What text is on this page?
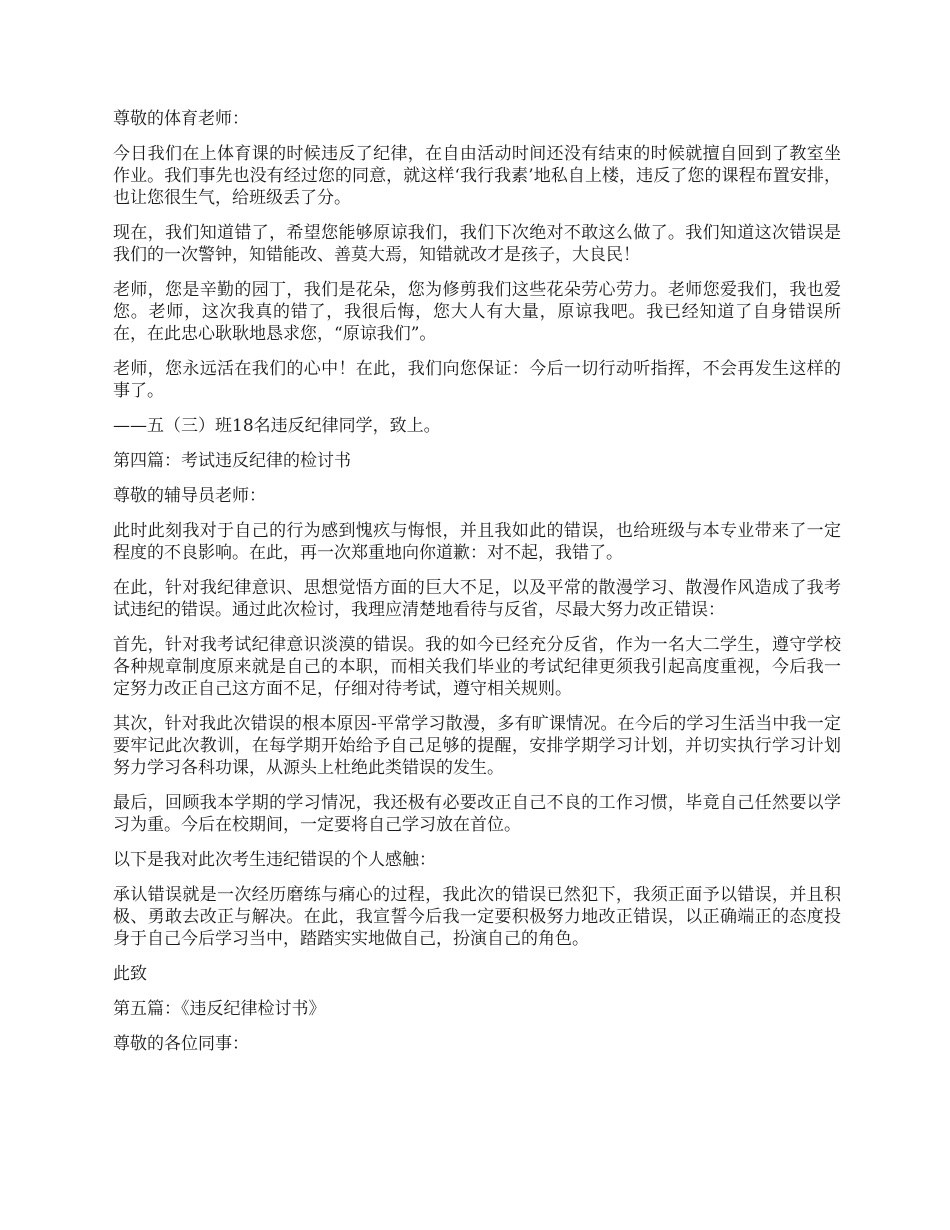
尊敬的体育老师：

今日我们在上体育课的时候违反了纪律，在自由活动时间还没有结束的时候就擅自回到了教室坐作业。我们事先也没有经过您的同意，就这样‘我行我素’地私自上楼，违反了您的课程布置安排，也让您很生气，给班级丢了分。

现在，我们知道错了，希望您能够原谅我们，我们下次绝对不敢这么做了。我们知道这次错误是我们的一次警钟，知错能改、善莫大焉，知错就改才是孩子，大良民！

老师，您是辛勤的园丁，我们是花朵，您为修剪我们这些花朵劳心劳力。老师您爱我们，我也爱您。老师，这次我真的错了，我很后悔，您大人有大量，原谅我吧。我已经知道了自身错误所在，在此忠心耿耿地恳求您，“原谅我们”。

老师，您永远活在我们的心中！在此，我们向您保证：今后一切行动听指挥，不会再发生这样的事了。

——五（三）班18名违反纪律同学，致上。

第四篇：考试违反纪律的检讨书

尊敬的辅导员老师：

此时此刻我对于自己的行为感到愧疚与悔恨，并且我如此的错误，也给班级与本专业带来了一定程度的不良影响。在此，再一次郑重地向你道歉：对不起，我错了。

在此，针对我纪律意识、思想觉悟方面的巨大不足，以及平常的散漫学习、散漫作风造成了我考试违纪的错误。通过此次检讨，我理应清楚地看待与反省，尽最大努力改正错误：

首先，针对我考试纪律意识淡漠的错误。我的如今已经充分反省，作为一名大二学生，遵守学校各种规章制度原来就是自己的本职，而相关我们毕业的考试纪律更须我引起高度重视，今后我一定努力改正自己这方面不足，仔细对待考试，遵守相关规则。

其次，针对我此次错误的根本原因-平常学习散漫，多有旷课情况。在今后的学习生活当中我一定要牢记此次教训，在每学期开始给予自己足够的提醒，安排学期学习计划，并切实执行学习计划努力学习各科功课，从源头上杜绝此类错误的发生。

最后，回顾我本学期的学习情况，我还极有必要改正自己不良的工作习惯，毕竟自己任然要以学习为重。今后在校期间，一定要将自己学习放在首位。

以下是我对此次考生违纪错误的个人感触：

承认错误就是一次经历磨练与痛心的过程，我此次的错误已然犯下，我须正面予以错误，并且积极、勇敢去改正与解决。在此，我宣誓今后我一定要积极努力地改正错误，以正确端正的态度投身于自己今后学习当中，踏踏实实地做自己，扮演自己的角色。

此致

第五篇：《违反纪律检讨书》

尊敬的各位同事：
